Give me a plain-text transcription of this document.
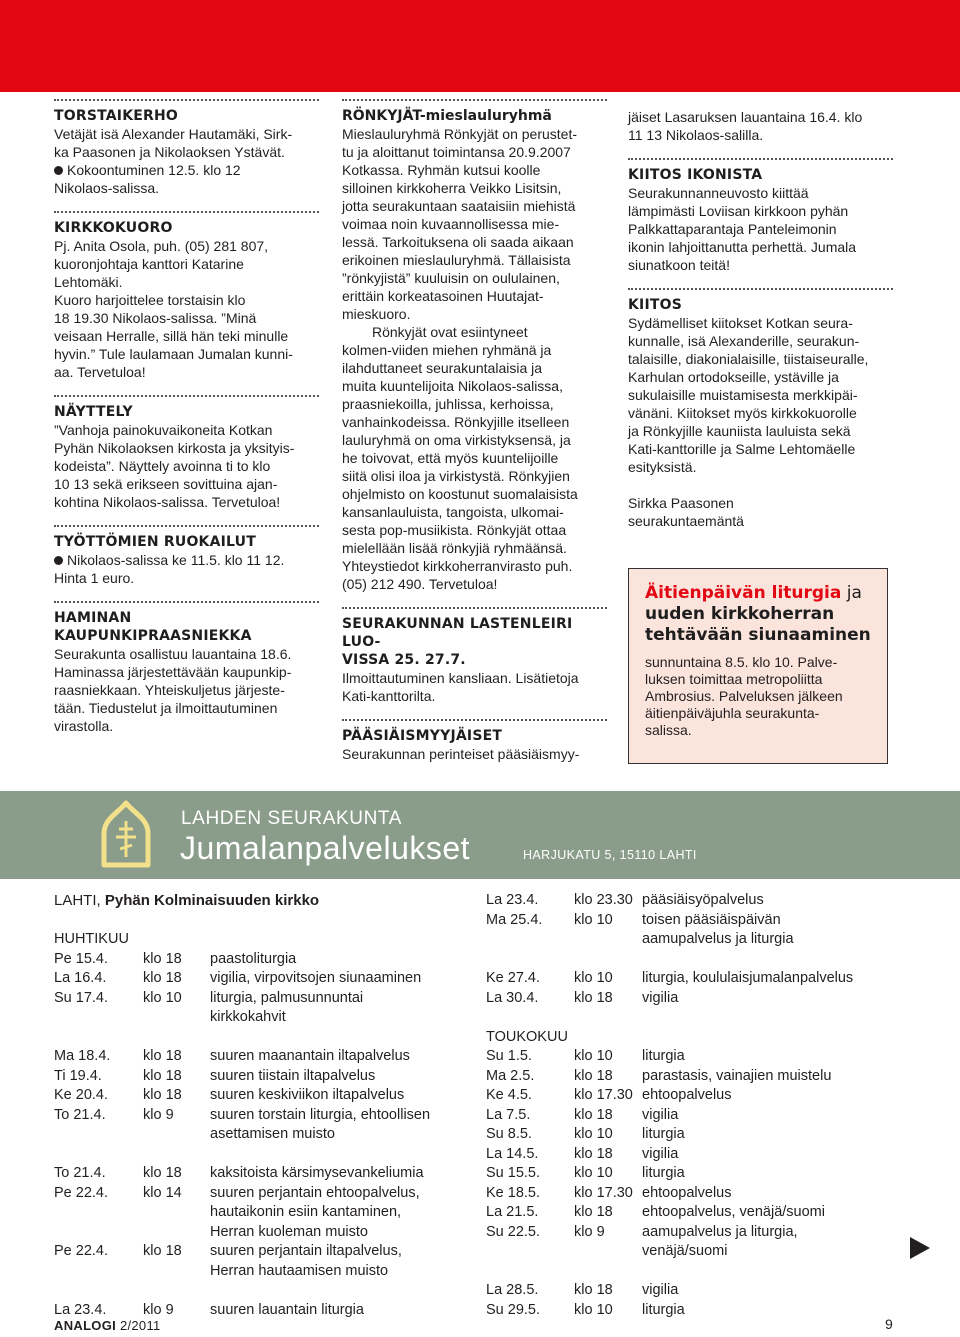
TORSTAIKERHO
Vetäjät isä Alexander Hautamäki, Sirk-
ka Paasonen ja Nikolaoksen Ystävät.
Kokoontuminen 12.5. klo 12
Nikolaos-salissa.
KIRKKOKUORO
Pj. Anita Osola, puh. (05) 281 807,
kuoronjohtaja kanttori Katarine
Lehtomäki.
Kuoro harjoittelee torstaisin klo
18 19.30 Nikolaos-salissa. ”Minä
veisaan Herralle, sillä hän teki minulle
hyvin.” Tule laulamaan Jumalan kunni-
aa. Tervetuloa!
NÄYTTELY
”Vanhoja painokuvaikoneita Kotkan
Pyhän Nikolaoksen kirkosta ja yksityis-
kodeista”. Näyttely avoinna ti to klo
10 13 sekä erikseen sovittuina ajan-
kohtina Nikolaos-salissa. Tervetuloa!
TYÖTTÖMIEN RUOKAILUT
Nikolaos-salissa ke 11.5. klo 11 12.
Hinta 1 euro.
HAMINAN KAUPUNKIPRAASNIEKKA
Seurakunta osallistuu lauantaina 18.6.
Haminassa järjestettävään kaupunkip-
raasniekkaan. Yhteiskuljetus järjeste-
tään. Tiedustelut ja ilmoittautuminen
virastolla.
RÖNKYJÄT-mieslauluryhmä
Mieslauluryhmä Rönkyjät on perustet-
tu ja aloittanut toimintansa 20.9.2007
Kotkassa. Ryhmän kutsui koolle
silloinen kirkkoherra Veikko Lisitsin,
jotta seurakuntaan saataisiin miehistä
voimaa noin kuvaannollisessa mie-
lessä. Tarkoituksena oli saada aikaan
erikoinen mieslauluryhmä. Tällaisista
”rönkyjistä” kuuluisin on oululainen,
erittäin korkeatasoinen Huutajat-
mieskuoro.
Rönkyjät ovat esiintyneet
kolmen-viiden miehen ryhmänä ja
ilahduttaneet seurakuntalaisia ja
muita kuuntelijoita Nikolaos-salissa,
praasniekoilla, juhlissa, kerhoissa,
vanhainkodeissa. Rönkyjille itselleen
lauluryhmä on oma virkistyksensä, ja
he toivovat, että myös kuuntelijoille
siitä olisi iloa ja virkistystä. Rönkyjien
ohjelmisto on koostunut suomalaisista
kansanlauluista, tangoista, ulkomai-
sesta pop-musiikista. Rönkyjät ottaa
mielellään lisää rönkyjiä ryhmäänsä.
Yhteystiedot kirkkoherranvirasto puh.
(05) 212 490. Tervetuloa!
SEURAKUNNAN LASTENLEIRI LUO-
VISSA 25. 27.7.
Ilmoittautuminen kansliaan. Lisätietoja
Kati-kanttorilta.
PÄÄSIÄISMYYJÄISET
Seurakunnan perinteiset pääsiäismyy-
jäiset Lasaruksen lauantaina 16.4. klo
11 13 Nikolaos-salilla.
KIITOS IKONISTA
Seurakunnanneuvosto kiittää
lämpimästi Loviisan kirkkoon pyhän
Palkkattaparantaja Panteleimonin
ikonin lahjoittanutta perhettä. Jumala
siunatkoon teitä!
KIITOS
Sydämelliset kiitokset Kotkan seura-
kunnalle, isä Alexanderille, seurakun-
talaisille, diakonialaisille, tiistaiseuralle,
Karhulan ortodokseille, ystäville ja
sukulaisille muistamisesta merkkipäi-
vänäni. Kiitokset myös kirkkokuorolle
ja Rönkyjille kauniista lauluista sekä
Kati-kanttorille ja Salme Lehtomäelle
esityksistä.
Sirkka Paasonen
seurakuntaemäntä
Äitienpäivän liturgia ja
uuden kirkkoherran
tehtävään siunaaminen
sunnuntaina 8.5. klo 10. Palve-
luksen toimittaa metropoliitta
Ambrosius. Palveluksen jälkeen
äitienpäiväjuhla seurakunta-
salissa.
LAHDEN SEURAKUNTA
Jumalanpalvelukset	HARJUKATU 5, 15110 LAHTI
LAHTI, Pyhän Kolminaisuuden kirkko
HUHTIKUU
Pe 15.4.	klo 18	paastoliturgia
La 16.4.	klo 18	vigilia, virpovitsojen siunaaminen
Su 17.4.	klo 10	liturgia, palmusunnuntai
kirkkokahvit
Ma 18.4.	klo 18	suuren maanantain iltapalvelus
Ti 19.4.	klo 18	suuren tiistain iltapalvelus
Ke 20.4.	klo 18	suuren keskiviikon iltapalvelus
To 21.4.	klo 9	suuren torstain liturgia, ehtoollisen
asettamisen muisto
To 21.4.	klo 18	kaksitoista kärsimysevankeliumia
Pe 22.4.	klo 14	suuren perjantain ehtoopalvelus,
hautaikonin esiin kantaminen,
Herran kuoleman muisto
Pe 22.4.	klo 18	suuren perjantain iltapalvelus,
Herran hautaamisen muisto
La 23.4.	klo 9	suuren lauantain liturgia
La 23.4.	klo 23.30 pääsiäisyöpalvelus
Ma 25.4.	klo 10	toisen pääsiäispäivän
aamupalvelus ja liturgia
Ke 27.4.	klo 10	liturgia, koululaisjumalanpalvelus
La 30.4.	klo 18	vigilia
TOUKOKUU
Su 1.5.	klo 10	liturgia
Ma 2.5.	klo 18	parastasis, vainajien muistelu
Ke 4.5.	klo 17.30 ehtoopalvelus
La 7.5.	klo 18	vigilia
Su 8.5.	klo 10	liturgia
La 14.5.	klo 18	vigilia
Su 15.5.	klo 10	liturgia
Ke 18.5.	klo 17.30 ehtoopalvelus
La 21.5.	klo 18	ehtoopalvelus, venäjä/suomi
Su 22.5.	klo 9	aamupalvelus ja liturgia,
venäjä/suomi
La 28.5.	klo 18	vigilia
Su 29.5.	klo 10	liturgia
ANALOGI 2/2011	9
